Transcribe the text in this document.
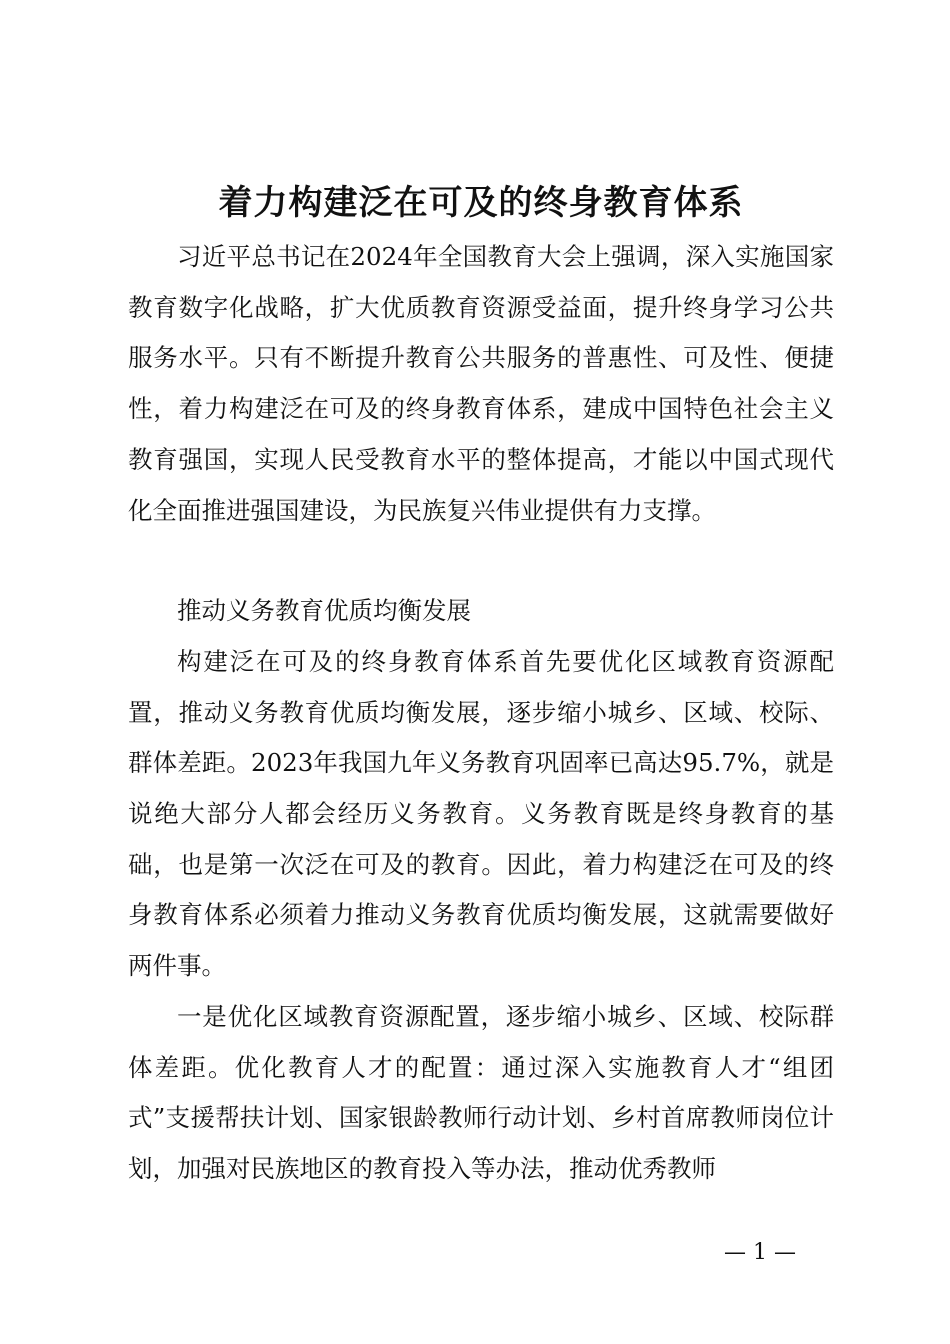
着力构建泛在可及的终身教育体系

习近平总书记在2024年全国教育大会上强调，深入实施国家教育数字化战略，扩大优质教育资源受益面，提升终身学习公共服务水平。只有不断提升教育公共服务的普惠性、可及性、便捷性，着力构建泛在可及的终身教育体系，建成中国特色社会主义教育强国，实现人民受教育水平的整体提高，才能以中国式现代化全面推进强国建设，为民族复兴伟业提供有力支撑。

推动义务教育优质均衡发展

构建泛在可及的终身教育体系首先要优化区域教育资源配置，推动义务教育优质均衡发展，逐步缩小城乡、区域、校际、群体差距。2023年我国九年义务教育巩固率已高达95.7%，就是说绝大部分人都会经历义务教育。义务教育既是终身教育的基础，也是第一次泛在可及的教育。因此，着力构建泛在可及的终身教育体系必须着力推动义务教育优质均衡发展，这就需要做好两件事。

一是优化区域教育资源配置，逐步缩小城乡、区域、校际群体差距。优化教育人才的配置：通过深入实施教育人才“组团式”支援帮扶计划、国家银龄教师行动计划、乡村首席教师岗位计划，加强对民族地区的教育投入等办法，推动优秀教师

— 1 —
